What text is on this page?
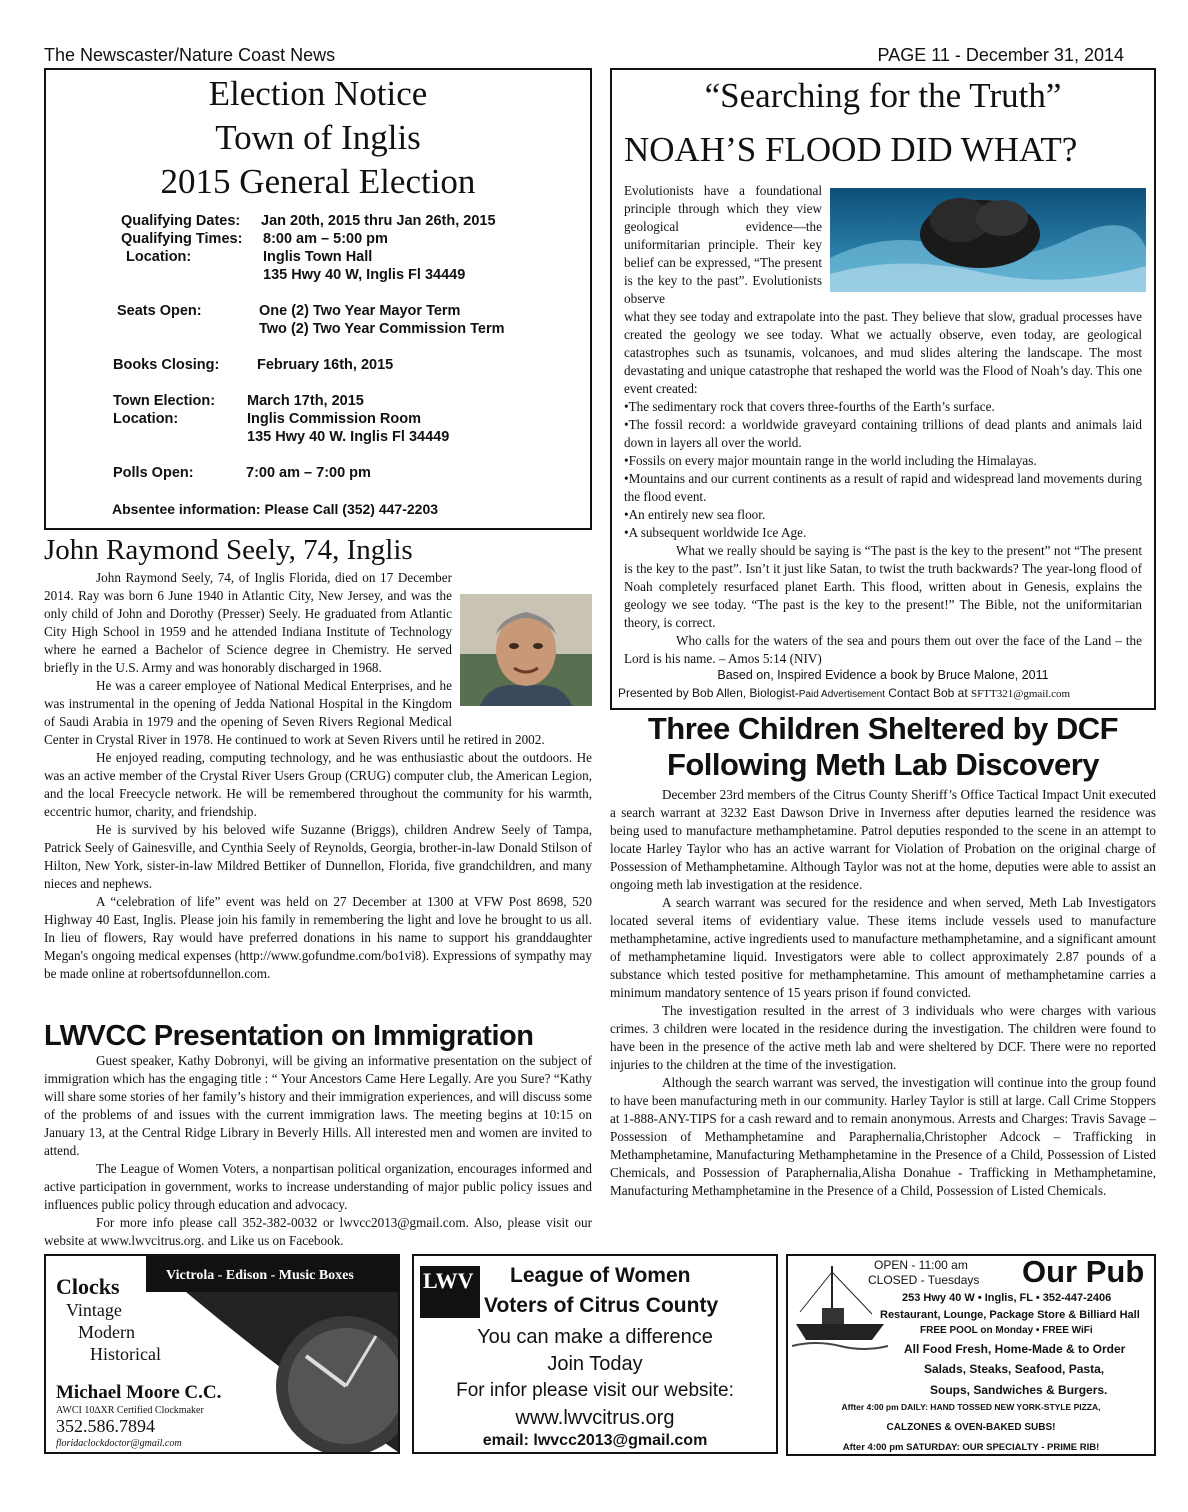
The Newscaster/Nature Coast News	PAGE 11 - December 31, 2014
Election Notice
Town of Inglis
2015 General Election
Qualifying Dates: Jan 20th, 2015 thru Jan 26th, 2015
Qualifying Times: 8:00 am – 5:00 pm
Location:	Inglis Town Hall
135 Hwy 40 W, Inglis Fl 34449
Seats Open:	One (2) Two Year Mayor Term
Two (2) Two Year Commission Term
Books Closing:	February 16th, 2015
Town Election: March 17th, 2015
Location:	Inglis Commission Room
135 Hwy 40 W. Inglis Fl 34449
Polls Open:	7:00 am – 7:00 pm
Absentee information: Please Call (352) 447-2203
John Raymond Seely, 74, Inglis

John Raymond Seely, 74, of Inglis Florida, died on 17 December 2014. Ray was born 6 June 1940 in Atlantic City, New Jersey, and was the only child of John and Dorothy (Presser) Seely. He graduated from Atlantic City High School in 1959 and he attended Indiana Institute of Technology where he earned a Bachelor of Science degree in Chemistry. He served briefly in the U.S. Army and was honorably discharged in 1968.

He was a career employee of National Medical Enterprises, and he was instrumental in the opening of Jedda National Hospital in the Kingdom of Saudi Arabia in 1979 and the opening of Seven Rivers Regional Medical Center in Crystal River in 1978. He continued to work at Seven Rivers until he retired in 2002.

He enjoyed reading, computing technology, and he was enthusiastic about the outdoors. He was an active member of the Crystal River Users Group (CRUG) computer club, the American Legion, and the local Freecycle network. He will be remembered throughout the community for his warmth, eccentric humor, charity, and friendship.

He is survived by his beloved wife Suzanne (Briggs), children Andrew Seely of Tampa, Patrick Seely of Gainesville, and Cynthia Seely of Reynolds, Georgia, brother-in-law Donald Stilson of Hilton, New York, sister-in-law Mildred Bettiker of Dunnellon, Florida, five grandchildren, and many nieces and nephews.

A “celebration of life” event was held on 27 December at 1300 at VFW Post 8698, 520 Highway 40 East, Inglis. Please join his family in remembering the light and love he brought to us all. In lieu of flowers, Ray would have preferred donations in his name to support his granddaughter Megan's ongoing medical expenses (http://www.gofundme.com/bo1vi8). Expressions of sympathy may be made online at robertsofdunnellon.com.

LWVCC Presentation on Immigration

Guest speaker, Kathy Dobronyi, will be giving an informative presentation on the subject of immigration which has the engaging title : “ Your Ancestors Came Here Legally. Are you Sure? “Kathy will share some stories of her family’s history and their immigration experiences, and will discuss some of the problems of and issues with the current immigration laws. The meeting begins at 10:15 on January 13, at the Central Ridge Library in Beverly Hills. All interested men and women are invited to attend.

The League of Women Voters, a nonpartisan political organization, encourages informed and active participation in government, works to increase understanding of major public policy issues and influences public policy through education and advocacy.

For more info please call 352-382-0032 or lwvcc2013@gmail.com. Also, please visit our website at www.lwvcitrus.org. and Like us on Facebook.

“Searching for the Truth”
NOAH’S FLOOD DID WHAT?

Evolutionists have a foundational principle through which they view geological evidence—the uniformitarian principle. Their key belief can be expressed, “The present is the key to the past”. Evolutionists observe

what they see today and extrapolate into the past. They believe that slow, gradual processes have created the geology we see today. What we actually observe, even today, are geological catastrophes such as tsunamis, volcanoes, and mud slides altering the landscape. The most devastating and unique catastrophe that reshaped the world was the Flood of Noah’s day. This one event created:

•The sedimentary rock that covers three-fourths of the Earth’s surface.

•The fossil record: a worldwide graveyard containing trillions of dead plants and animals laid down in layers all over the world.

•Fossils on every major mountain range in the world including the Himalayas.

•Mountains and our current continents as a result of rapid and widespread land movements during the flood event.

•An entirely new sea floor.

•A subsequent worldwide Ice Age.

What we really should be saying is “The past is the key to the present” not “The present is the key to the past”. Isn’t it just like Satan, to twist the truth backwards? The year-long flood of Noah completely resurfaced planet Earth. This flood, written about in Genesis, explains the geology we see today. “The past is the key to the present!” The Bible, not the uniformitarian theory, is correct.

Who calls for the waters of the sea and pours them out over the face of the Land – the Lord is his name. – Amos 5:14 (NIV)

Based on, Inspired Evidence a book by Bruce Malone, 2011
Presented by Bob Allen, Biologist-Paid Advertisement Contact Bob at SFTT321@gmail.com
Three Children Sheltered by DCF
Following Meth Lab Discovery

December 23rd members of the Citrus County Sheriff’s Office Tactical Impact Unit executed a search warrant at 3232 East Dawson Drive in Inverness after deputies learned the residence was being used to manufacture methamphetamine. Patrol deputies responded to the scene in an attempt to locate Harley Taylor who has an active warrant for Violation of Probation on the original charge of Possession of Methamphetamine. Although Taylor was not at the home, deputies were able to assist an ongoing meth lab investigation at the residence.

A search warrant was secured for the residence and when served, Meth Lab Investigators located several items of evidentiary value. These items include vessels used to manufacture methamphetamine, active ingredients used to manufacture methamphetamine, and a significant amount of methamphetamine liquid. Investigators were able to collect approximately 2.87 pounds of a substance which tested positive for methamphetamine. This amount of methamphetamine carries a minimum mandatory sentence of 15 years prison if found convicted.

The investigation resulted in the arrest of 3 individuals who were charges with various crimes. 3 children were located in the residence during the investigation. The children were found to have been in the presence of the active meth lab and were sheltered by DCF. There were no reported injuries to the children at the time of the investigation.

Although the search warrant was served, the investigation will continue into the group found to have been manufacturing meth in our community. Harley Taylor is still at large. Call Crime Stoppers at 1-888-ANY-TIPS for a cash reward and to remain anonymous. Arrests and Charges: Travis Savage – Possession of Methamphetamine and Paraphernalia,Christopher Adcock – Trafficking in Methamphetamine, Manufacturing Methamphetamine in the Presence of a Child, Possession of Listed Chemicals, and Possession of Paraphernalia,Alisha Donahue - Trafficking in Methamphetamine, Manufacturing Methamphetamine in the Presence of a Child, Possession of Listed Chemicals.

Victrola - Edison - Music Boxes
Clocks
Vintage
Modern
Historical
Michael Moore C.C.
AWCI 10∆XR Certified Clockmaker
352.586.7894
floridaclockdoctor@gmail.com
LWV	League of Women
Voters of Citrus County
You can make a difference
Join Today
For infor please visit our website:
www.lwvcitrus.org
email: lwvcc2013@gmail.com
OPEN - 11:00 am
CLOSED - Tuesdays Our Pub
253 Hwy 40 W • Inglis, FL • 352-447-2406
Restaurant, Lounge, Package Store & Billiard Hall
FREE POOL on Monday • FREE WiFi
All Food Fresh, Home-Made & to Order
Salads, Steaks, Seafood, Pasta,
Soups, Sandwiches & Burgers.
Affter 4:00 pm DAILY: HAND TOSSED NEW YORK-STYLE PIZZA,
CALZONES & OVEN-BAKED SUBS!
After 4:00 pm SATURDAY: OUR SPECIALTY - PRIME RIB!
